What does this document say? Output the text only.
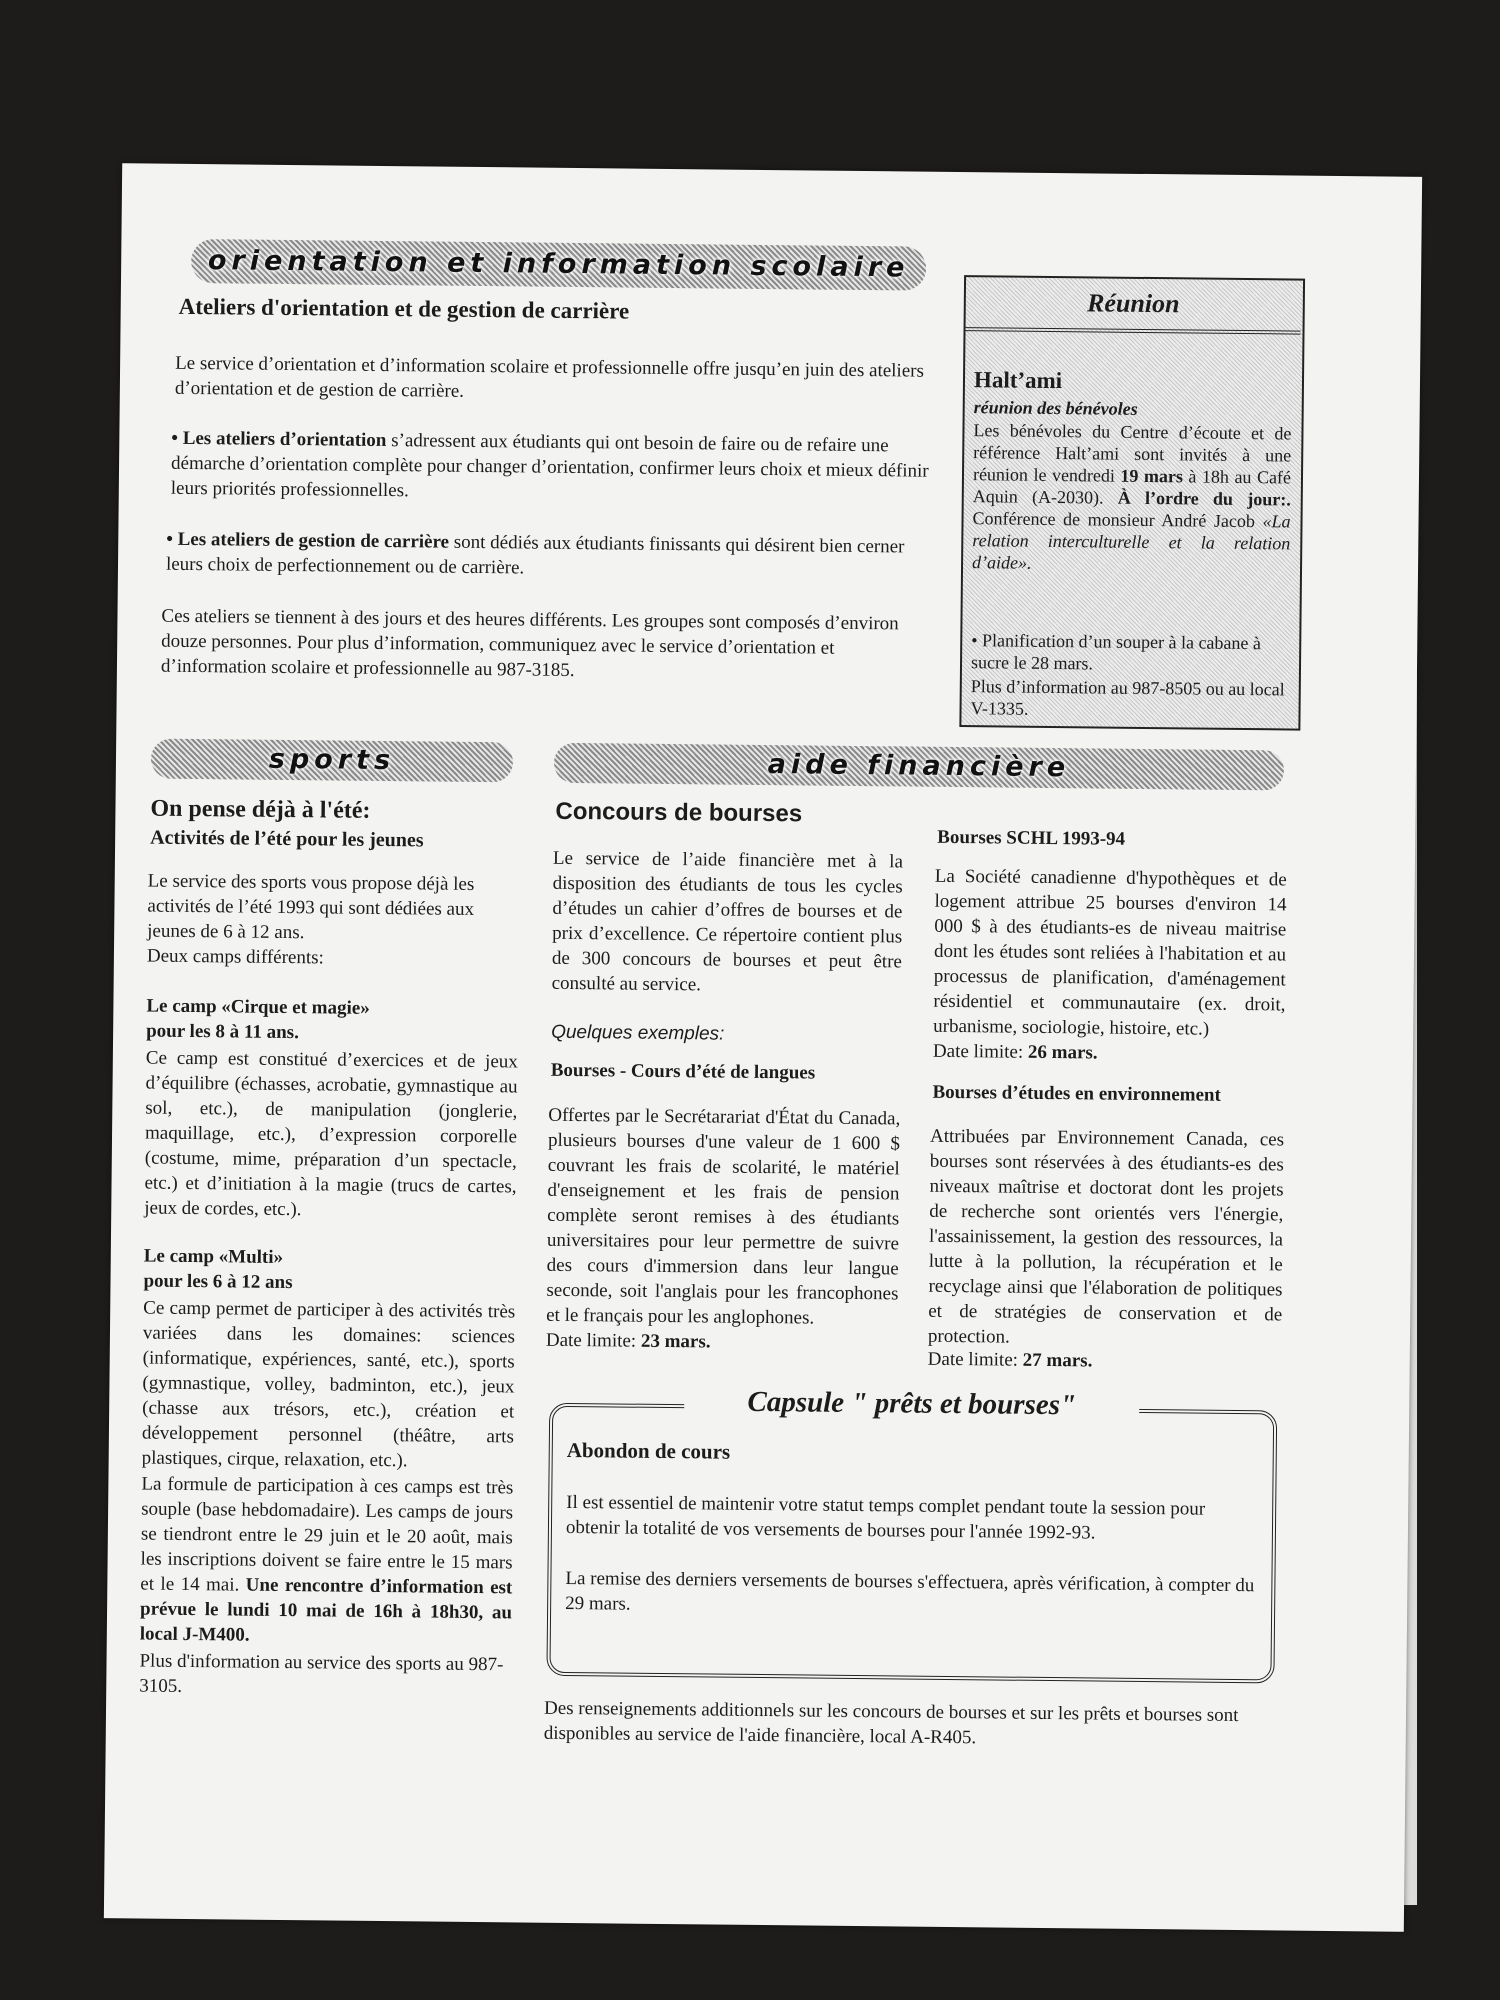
orientation et information scolaire
Ateliers d'orientation et de gestion de carrière
Le service d’orientation et d’information scolaire et professionnelle offre jusqu’en juin des ateliers d’orientation et de gestion de carrière.
• Les ateliers d’orientation s’adressent aux étudiants qui ont besoin de faire ou de refaire une démarche d’orientation complète pour changer d’orientation, confirmer leurs choix et mieux définir leurs priorités professionnelles.
• Les ateliers de gestion de carrière sont dédiés aux étudiants finissants qui désirent bien cerner leurs choix de perfectionnement ou de carrière.
Ces ateliers se tiennent à des jours et des heures différents. Les groupes sont composés d’environ douze personnes. Pour plus d’information, communiquez avec le service d’orientation et d’information scolaire et professionnelle au 987-3185.
Réunion
Halt’ami
réunion des bénévoles
Les bénévoles du Centre d’écoute et de référence Halt’ami sont invités à une réunion le vendredi 19 mars à 18h au Café Aquin (A-2030). À l’ordre du jour:. Conférence de monsieur André Jacob «La relation interculturelle et la relation d’aide».
• Planification d’un souper à la cabane à sucre le 28 mars.
Plus d’information au 987-8505 ou au local V-1335.
sports
On pense déjà à l'été:
Activités de l’été pour les jeunes
Le service des sports vous propose déjà les activités de l’été 1993 qui sont dédiées aux jeunes de 6 à 12 ans.
Deux camps différents:
Le camp «Cirque et magie»
pour les 8 à 11 ans.
Ce camp est constitué d’exercices et de jeux d’équilibre (échasses, acrobatie, gymnastique au sol, etc.), de manipulation (jonglerie, maquillage, etc.), d’expression corporelle (costume, mime, préparation d’un spectacle, etc.) et d’initiation à la magie (trucs de cartes, jeux de cordes, etc.).
Le camp «Multi»
pour les 6 à 12 ans
Ce camp permet de participer à des activités très variées dans les domaines: sciences (informatique, expériences, santé, etc.), sports (gymnastique, volley, badminton, etc.), jeux (chasse aux trésors, etc.), création et développement personnel (théâtre, arts plastiques, cirque, relaxation, etc.).
La formule de participation à ces camps est très souple (base hebdomadaire). Les camps de jours se tiendront entre le 29 juin et le 20 août, mais les inscriptions doivent se faire entre le 15 mars et le 14 mai. Une rencontre d’information est prévue le lundi 10 mai de 16h à 18h30, au local J-M400.
Plus d'information au service des sports au 987-3105.
aide financière
Concours de bourses
Le service de l’aide financière met à la disposition des étudiants de tous les cycles d’études un cahier d’offres de bourses et de prix d’excellence. Ce répertoire contient plus de 300 concours de bourses et peut être consulté au service.
Quelques exemples:
Bourses - Cours d’été de langues
Offertes par le Secrétarariat d'État du Canada, plusieurs bourses d'une valeur de 1 600 $ couvrant les frais de scolarité, le matériel d'enseignement et les frais de pension complète seront remises à des étudiants universitaires pour leur permettre de suivre des cours d'immersion dans leur langue seconde, soit l'anglais pour les francophones et le français pour les anglophones.
Date limite: 23 mars.
Bourses SCHL 1993-94
La Société canadienne d'hypothèques et de logement attribue 25 bourses d'environ 14 000 $ à des étudiants-es de niveau maitrise dont les études sont reliées à l'habitation et au processus de planification, d'aménagement résidentiel et communautaire (ex. droit, urbanisme, sociologie, histoire, etc.)
Date limite: 26 mars.
Bourses d’études en environnement
Attribuées par Environnement Canada, ces bourses sont réservées à des étudiants-es des niveaux maîtrise et doctorat dont les projets de recherche sont orientés vers l'énergie, l'assainissement, la gestion des ressources, la lutte à la pollution, la récupération et le recyclage ainsi que l'élaboration de politiques et de stratégies de conservation et de protection.
Date limite: 27 mars.
Capsule " prêts et bourses"
Abondon de cours
Il est essentiel de maintenir votre statut temps complet pendant toute la session pour obtenir la totalité de vos versements de bourses pour l'année 1992-93.
La remise des derniers versements de bourses s'effectuera, après vérification, à compter du 29 mars.
Des renseignements additionnels sur les concours de bourses et sur les prêts et bourses sont disponibles au service de l'aide financière, local A-R405.
